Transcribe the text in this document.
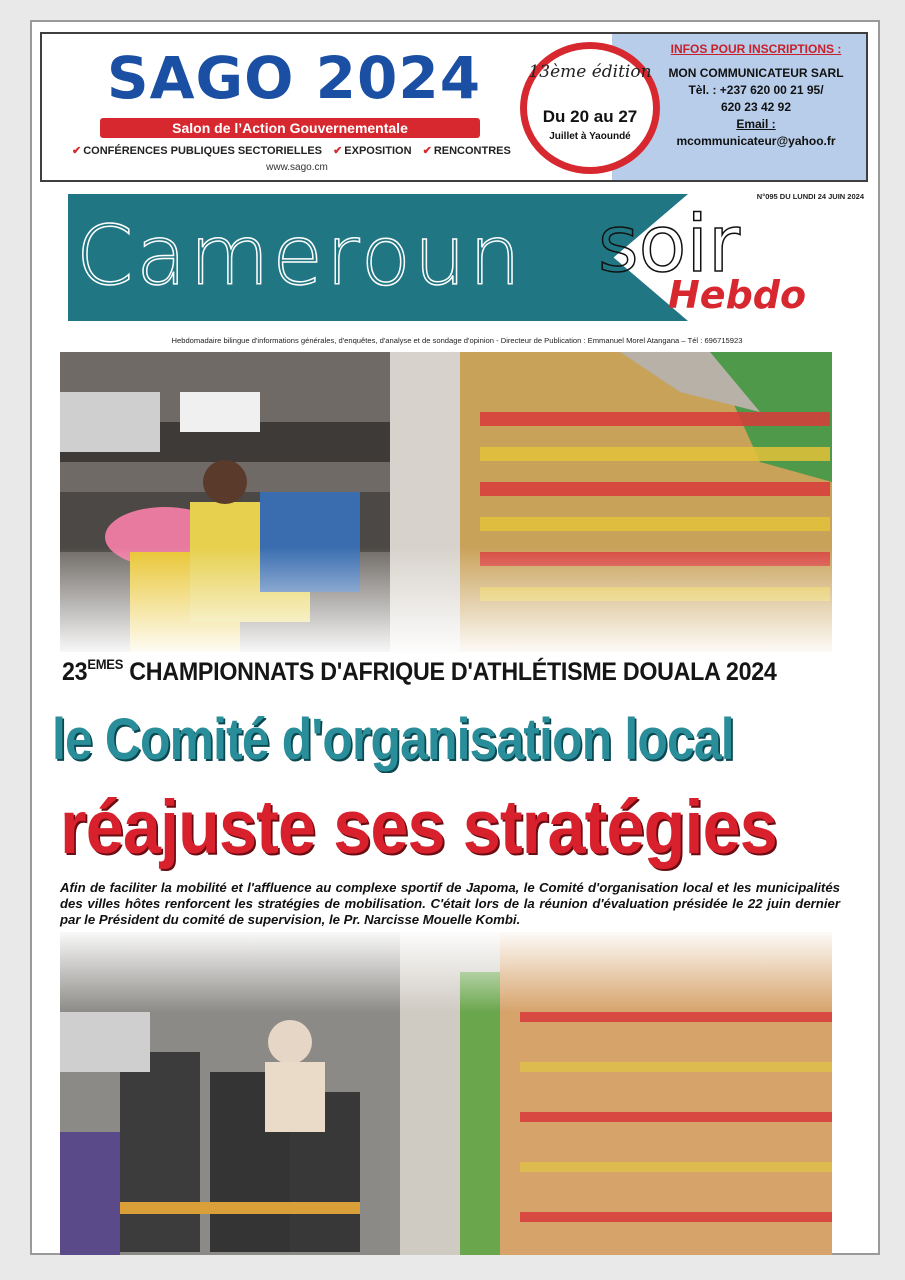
SAGO 2024
Salon de l’Action Gouvernementale
✔ CONFÉRENCES PUBLIQUES SECTORIELLES ✔ EXPOSITION ✔ RENCONTRES
www.sago.cm
INFOS POUR INSCRIPTIONS :
MON COMMUNICATEUR SARL
Tèl. : +237 620 00 21 95/
620 23 42 92
Email :
mcommunicateur@yahoo.fr
13ème édition
Du 20 au 27
Juillet à Yaoundé
N°095 DU LUNDI 24 JUIN 2024
Cameroun soir
Hebdo
Hebdomadaire bilingue d'informations générales, d'enquêtes, d'analyse et de sondage d'opinion - Directeur de Publication : Emmanuel Morel Atangana – Tél : 696715923
23EMES CHAMPIONNATS D'AFRIQUE D'ATHLÉTISME DOUALA 2024
le Comité d'organisation local
réajuste ses stratégies
Afin de faciliter la mobilité et l'affluence au complexe sportif de Japoma, le Comité d'organisation local et les municipalités des villes hôtes renforcent les stratégies de mobilisation. C'était lors de la réunion d'évaluation présidée le 22 juin dernier par le Président du comité de supervision, le Pr. Narcisse Mouelle Kombi.
